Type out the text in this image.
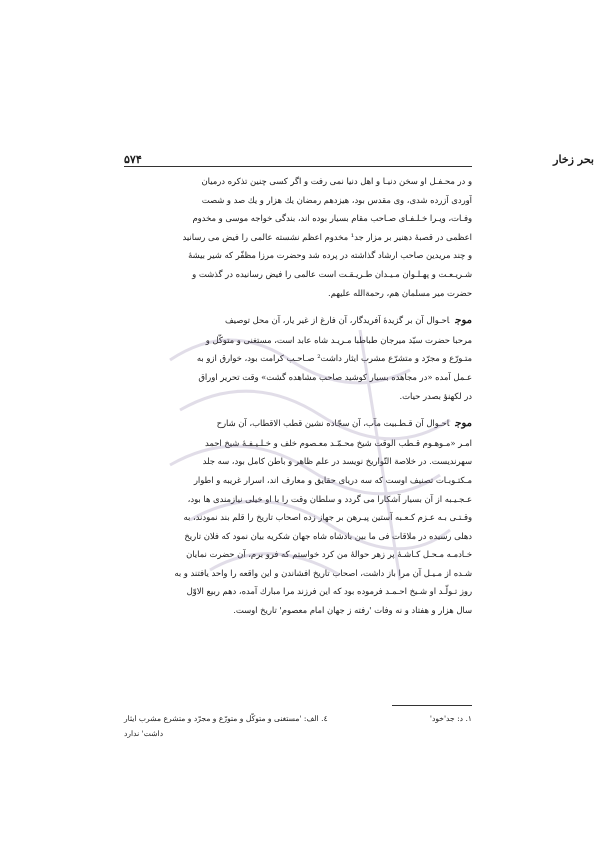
بحر زخار
۵۷۴

و در محـفـل او سخن دنیـا و اهل دنیا نمی رفت و اگر کسی چنین تذکره درمیان
آوردی آزرده شدی، وی مقدس بود، هیزدهم رمضان یك هزار و یك صد و شصت
وفـات، ویـرا خـلـفـای صـاحب مقام بسیار بوده اند، بندگی خواجه موسی و مخدوم
اعظمی در قصبهٔ دهنیر بر مزار جد¹ مخدوم اعظم نشسته عالمی را فیض می رسانید
و چند مریدین صاحب ارشاد گذاشته در پرده شد وحضرت مرزا مظفّر که شیر بیشهٔ
شـریـعـت و پهـلـوان مـیـدان طـریـقـت است عالمی را فیض رسانیده در گذشت و
حضرت میر مسلمان هم، رحمةالله علیهم.

موجاحـوال آن بر گزیدهٔ آفریدگار، آن فارغ از غیر یار، آن محل توصیف
مرحبا حضرت سیّد میرجان طباطبا مـریـد شاه عابد است، مستغنی و متوکّل و
متـورّع و مجرّد و متشرّع مشرب ایثار داشت² صـاحـب کرامت بود، خوارق ازو به
عـمل آمده «در مجاهده بسیار کوشید صاحب مشاهده گشت» وقت تحریر اوراق
در لکهنؤ بصدر حیات.

موجاحـوال آن قـطـبیت مآب، آن سجّاده نشین قطب الاقطاب، آن شارح
امـر «مـوهـوم قـطب الوقت شیخ محـمّـد معـصوم خلف و خـلـیـفـهٔ شیخ احمد
سهرندیست. در خلاصة التّواریخ نویسد در علم ظاهر و باطن کامل بود، سه جلد
مـکتـوبـات تصنیف اوست که سه دریای حقایق و معارف اند، اسرار غریبه و اطوار
عـجـیـبه از آن بسیار آشکارا می گردد و سلطان وقت را با او خیلی نیازمندی ها بود،
وقـتـی بـه عـزم کـعـبه آستین پیـرهن بر جهاز زده اصحاب تاریخ را قلم بند نمودند، به
دهلی رسیده در ملاقات فی ما بین بادشاه شاه جهان شکریه بیان نمود که فلان تاریخ
خـادمـه مـحـل کـاشـهٔ پر زهر حوالهٔ من کرد خواستم که فرو برم، آن حضرت نمایان
شـده از مـیـل آن مرا باز داشت، اصحاب تاریخ افشاندن و این واقعه را واحد یافتند و به
روز تـولّـد او شـیخ احـمـد فرموده بود که این فرزند مرا مبارك آمده، دهم ربیع الاوّل
سال هزار و هفتاد و نه وفات 'رفته ز جهان امام معصوم' تاریخ اوست.

١. د: جد'خود'
٤. الف: 'مستغنی و متوکّل و متورّع و مجرّد و متشرع مشرب ایثار
داشت' ندارد
